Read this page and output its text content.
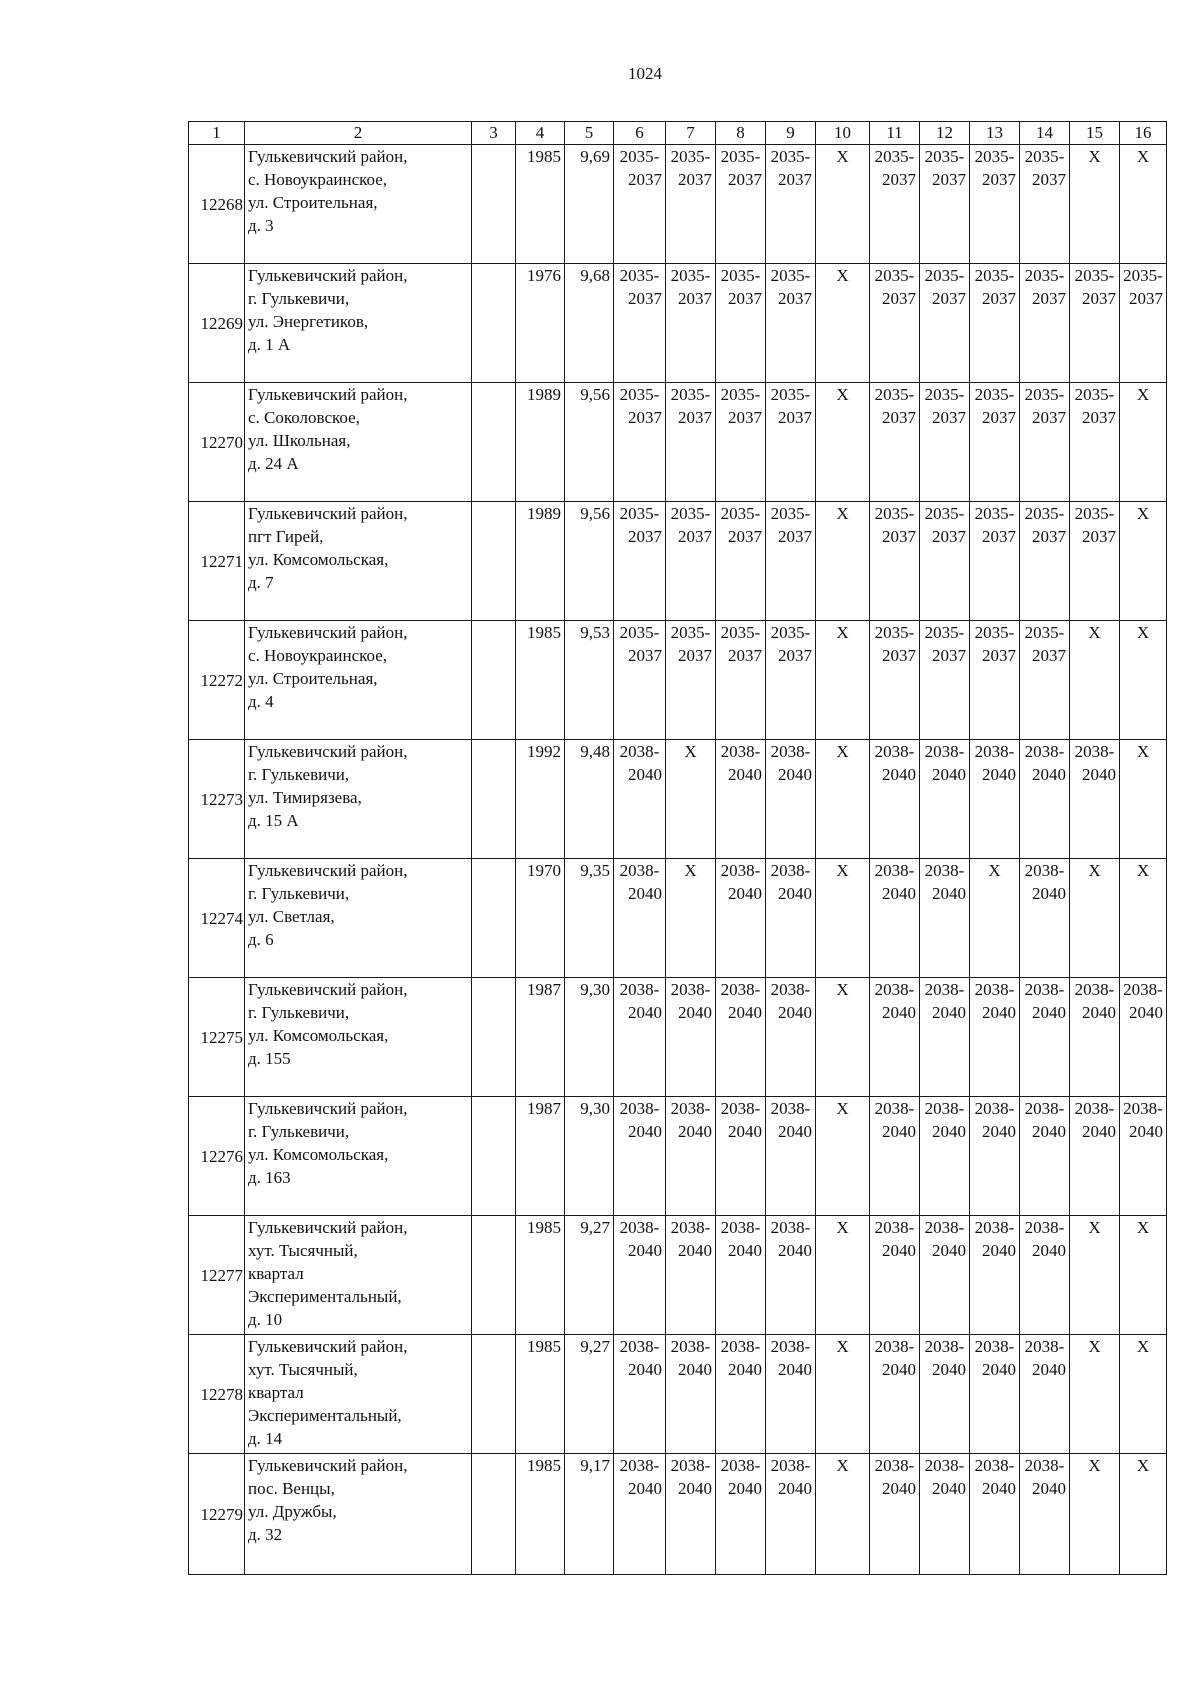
1024
1	2	3	4	5	6	7	8	9	10	11	12	13	14	15	16
12268	Гулькевичский район,
с. Новоукраинское,
ул. Строительная,
д. 3		1985	9,69	2035-
2037	2035-
2037	2035-
2037	2035-
2037	X	2035-
2037	2035-
2037	2035-
2037	2035-
2037	X	X

12269	Гулькевичский район,
г. Гулькевичи,
ул. Энергетиков,
д. 1 А		1976	9,68	2035-
2037	2035-
2037	2035-
2037	2035-
2037	X	2035-
2037	2035-
2037	2035-
2037	2035-
2037	2035-
2037	2035-
2037

12270	Гулькевичский район,
с. Соколовское,
ул. Школьная,
д. 24 А		1989	9,56	2035-
2037	2035-
2037	2035-
2037	2035-
2037	X	2035-
2037	2035-
2037	2035-
2037	2035-
2037	2035-
2037	X

12271	Гулькевичский район,
пгт Гирей,
ул. Комсомольская,
д. 7		1989	9,56	2035-
2037	2035-
2037	2035-
2037	2035-
2037	X	2035-
2037	2035-
2037	2035-
2037	2035-
2037	2035-
2037	X

12272	Гулькевичский район,
с. Новоукраинское,
ул. Строительная,
д. 4		1985	9,53	2035-
2037	2035-
2037	2035-
2037	2035-
2037	X	2035-
2037	2035-
2037	2035-
2037	2035-
2037	X	X

12273	Гулькевичский район,
г. Гулькевичи,
ул. Тимирязева,
д. 15 А		1992	9,48	2038-
2040	X	2038-
2040	2038-
2040	X	2038-
2040	2038-
2040	2038-
2040	2038-
2040	2038-
2040	X

12274	Гулькевичский район,
г. Гулькевичи,
ул. Светлая,
д. 6		1970	9,35	2038-
2040	X	2038-
2040	2038-
2040	X	2038-
2040	2038-
2040	X	2038-
2040	X	X

12275	Гулькевичский район,
г. Гулькевичи,
ул. Комсомольская,
д. 155		1987	9,30	2038-
2040	2038-
2040	2038-
2040	2038-
2040	X	2038-
2040	2038-
2040	2038-
2040	2038-
2040	2038-
2040	2038-
2040

12276	Гулькевичский район,
г. Гулькевичи,
ул. Комсомольская,
д. 163		1987	9,30	2038-
2040	2038-
2040	2038-
2040	2038-
2040	X	2038-
2040	2038-
2040	2038-
2040	2038-
2040	2038-
2040	2038-
2040

12277	Гулькевичский район,
хут. Тысячный,
квартал
Экспериментальный,
д. 10		1985	9,27	2038-
2040	2038-
2040	2038-
2040	2038-
2040	X	2038-
2040	2038-
2040	2038-
2040	2038-
2040	X	X

12278	Гулькевичский район,
хут. Тысячный,
квартал
Экспериментальный,
д. 14		1985	9,27	2038-
2040	2038-
2040	2038-
2040	2038-
2040	X	2038-
2040	2038-
2040	2038-
2040	2038-
2040	X	X

12279	Гулькевичский район,
пос. Венцы,
ул. Дружбы,
д. 32		1985	9,17	2038-
2040	2038-
2040	2038-
2040	2038-
2040	X	2038-
2040	2038-
2040	2038-
2040	2038-
2040	X	X
